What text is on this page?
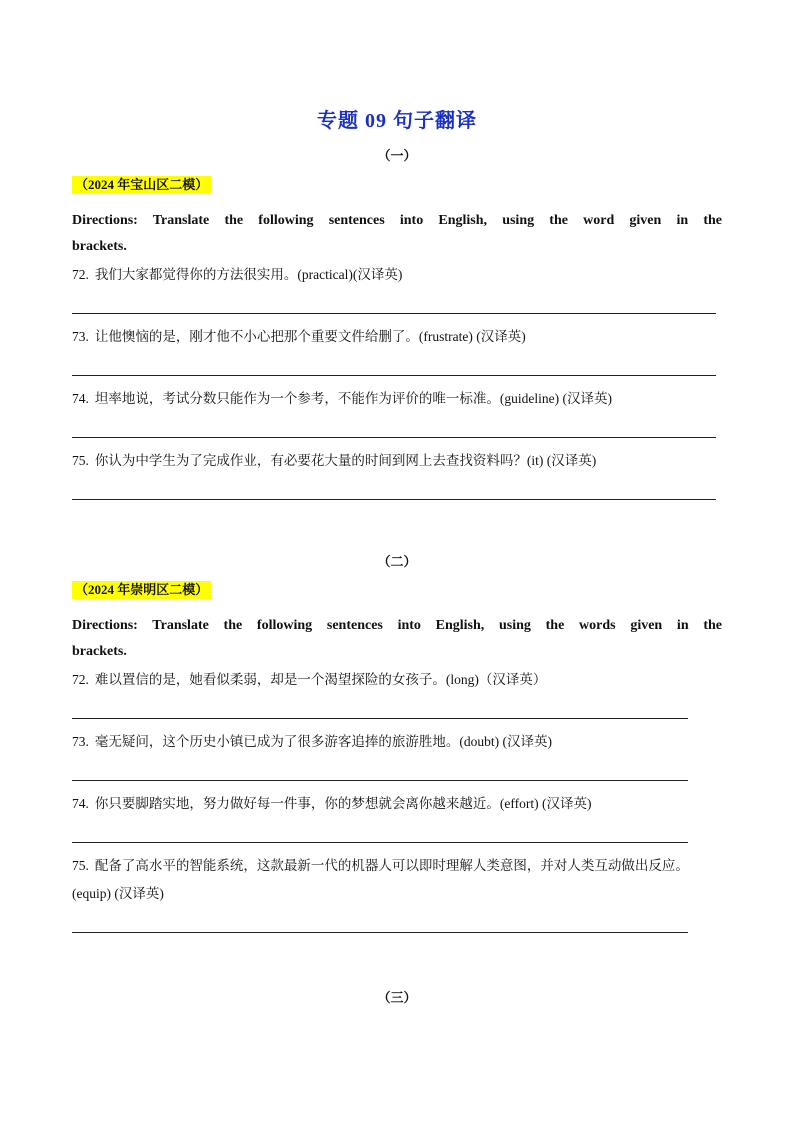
专题 09 句子翻译
（一）
（2024 年宝山区二模）
Directions: Translate the following sentences into English, using the word given in the
brackets.
72. 我们大家都觉得你的方法很实用。(practical)(汉译英)
73. 让他懊恼的是，刚才他不小心把那个重要文件给删了。(frustrate) (汉译英)
74. 坦率地说，考试分数只能作为一个参考，不能作为评价的唯一标准。(guideline) (汉译英)
75. 你认为中学生为了完成作业，有必要花大量的时间到网上去查找资料吗？(it) (汉译英)
（二）
（2024 年崇明区二模）
Directions: Translate the following sentences into English, using the words given in the
brackets.
72. 难以置信的是，她看似柔弱，却是一个渴望探险的女孩子。(long)（汉译英）
73. 毫无疑问，这个历史小镇已成为了很多游客追捧的旅游胜地。(doubt) (汉译英)
74. 你只要脚踏实地，努力做好每一件事，你的梦想就会离你越来越近。(effort) (汉译英)
75. 配备了高水平的智能系统，这款最新一代的机器人可以即时理解人类意图，并对人类互动做出反应。
(equip) (汉译英)
（三）
